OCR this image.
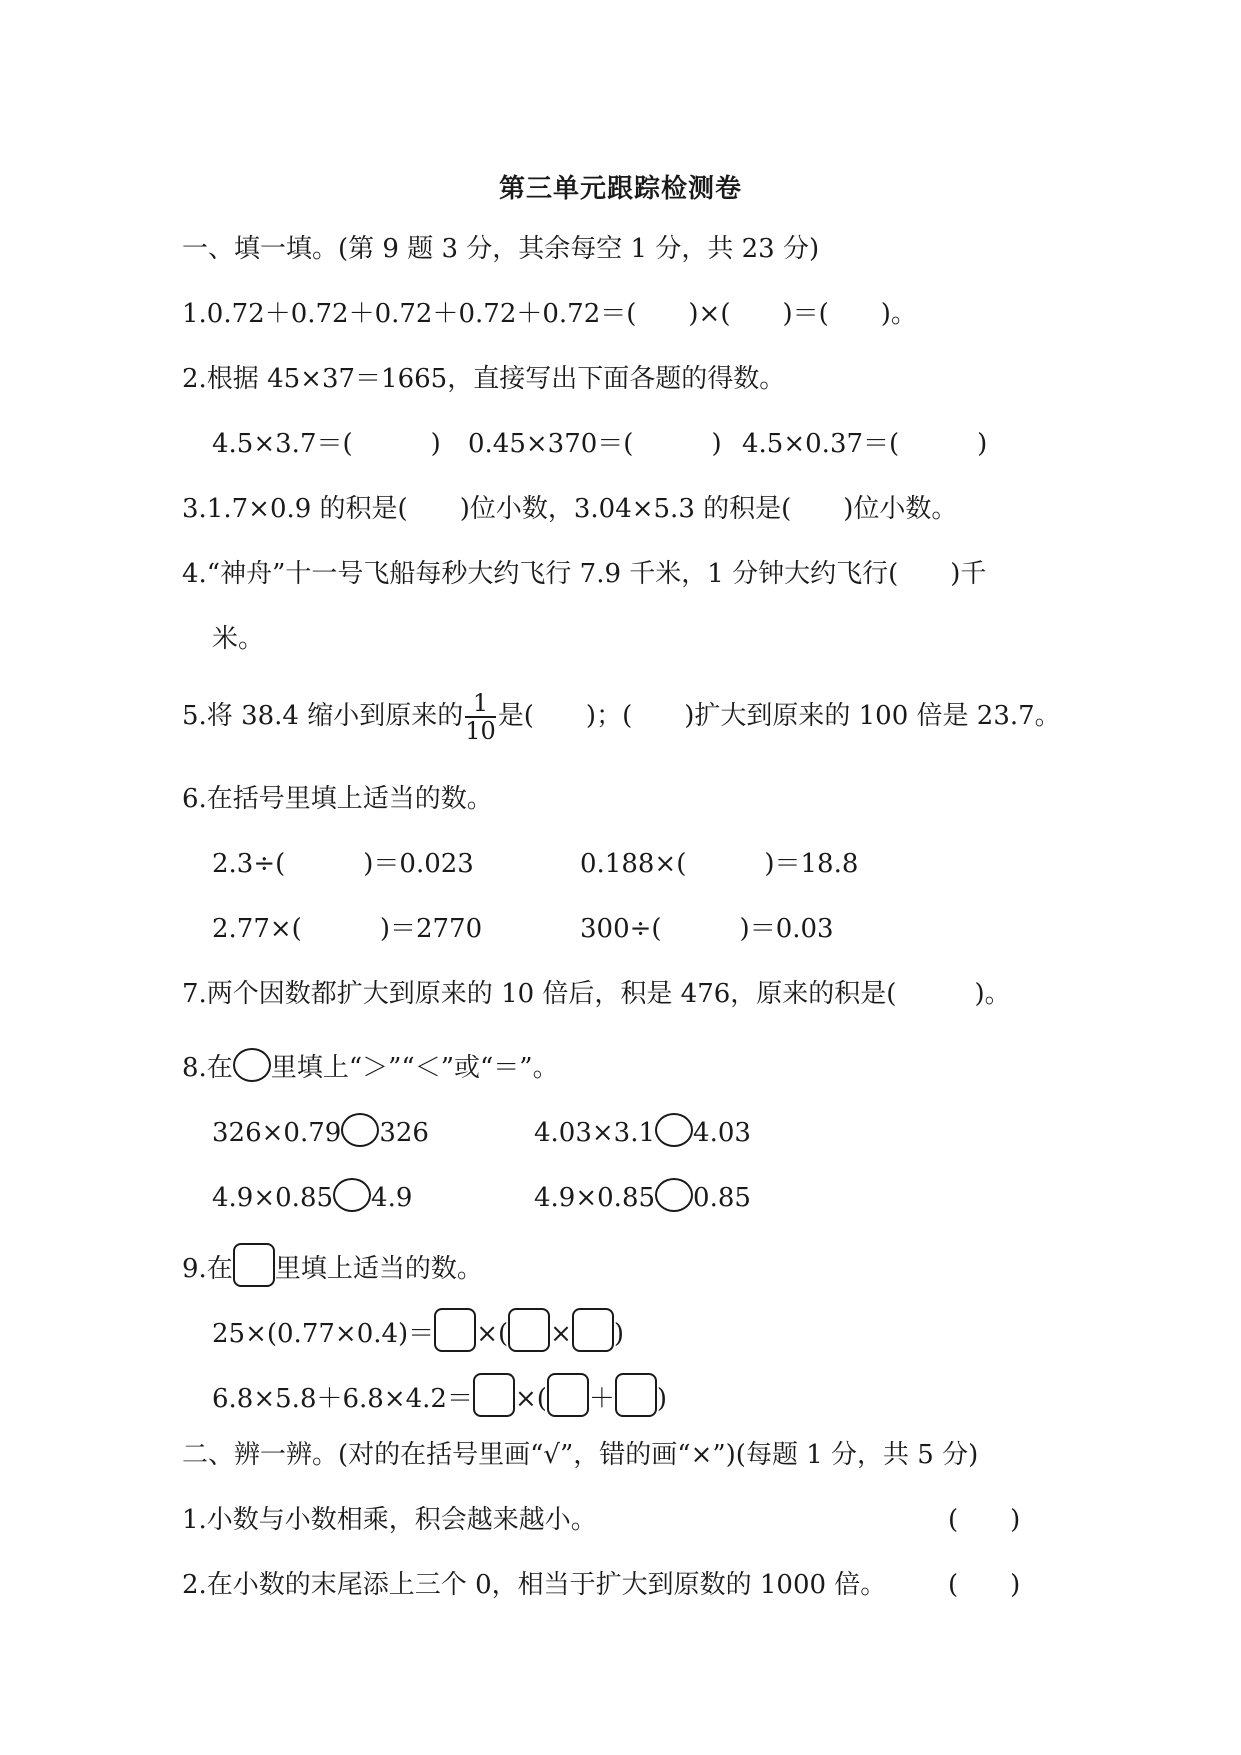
第三单元跟踪检测卷
一、填一填。(第 9 题 3 分，其余每空 1 分，共 23 分)
1.0.72＋0.72＋0.72＋0.72＋0.72＝(　　)×(　　)＝(　　)。
2.根据 45×37＝1665，直接写出下面各题的得数。
4.5×3.7＝(　　　) 0.45×370＝(　　　) 4.5×0.37＝(　　　)
3.1.7×0.9 的积是(　　)位小数，3.04×5.3 的积是(　　)位小数。
4.“神舟”十一号飞船每秒大约飞行 7.9 千米，1 分钟大约飞行(　　)千
米。
5.将 38.4 缩小到原来的 $\frac{1}{10}$ 是(　　)；(　　)扩大到原来的 100 倍是 23.7。
6.在括号里填上适当的数。
2.3÷(　　　)＝0.023	0.188×(　　　)＝18.8
2.77×(　　　)＝2770	300÷(　　　)＝0.03
7.两个因数都扩大到原来的 10 倍后，积是 476，原来的积是(　　　)。
8.在 里填上“＞”“＜”或“＝”。
326×0.79 326	4.03×3.1 4.03
4.9×0.85 4.9	4.9×0.85 0.85
9.在 里填上适当的数。
25×(0.77×0.4)＝ ×( × )
6.8×5.8＋6.8×4.2＝ ×( ＋ )
二、辨一辨。(对的在括号里画“√”，错的画“×”)(每题 1 分，共 5 分)
1.小数与小数相乘，积会越来越小。	(　　)
2.在小数的末尾添上三个 0，相当于扩大到原数的 1000 倍。 (　　)
